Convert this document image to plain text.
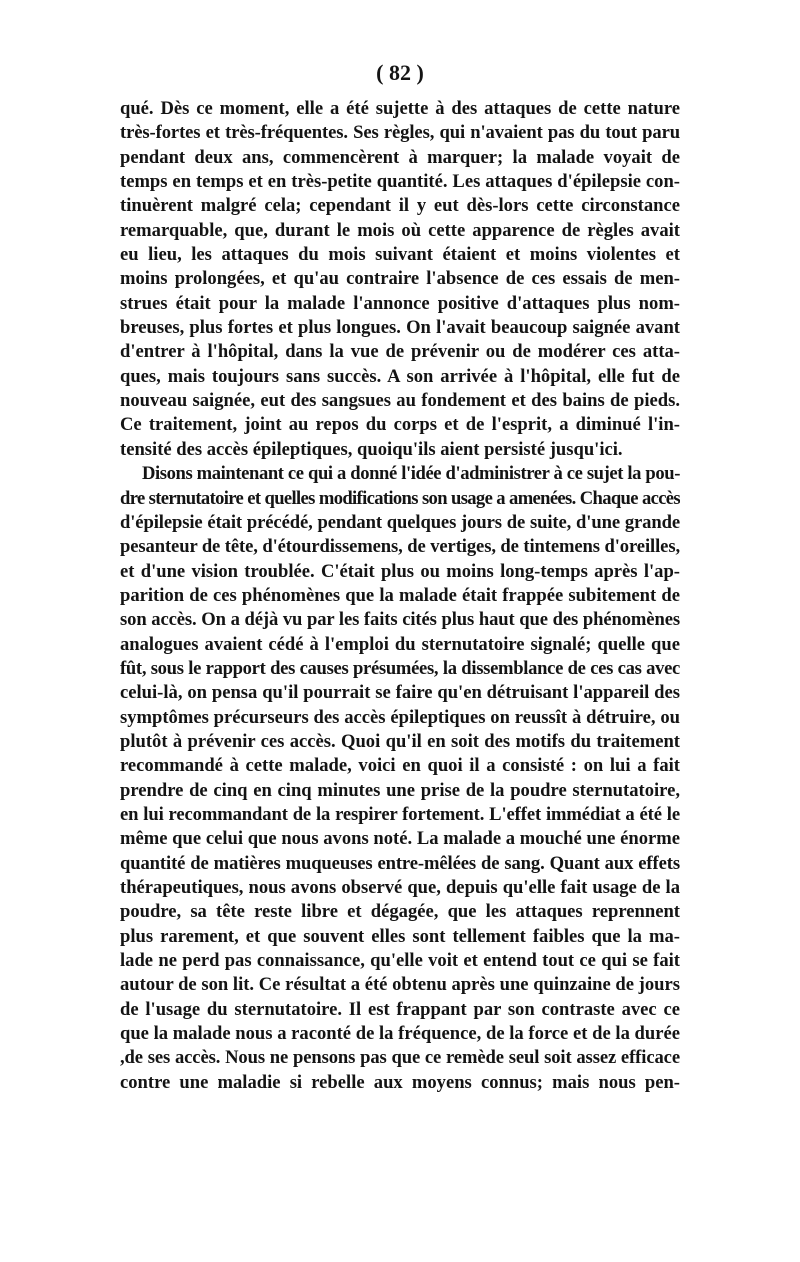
( 82 )
qué. Dès ce moment, elle a été sujette à des attaques de cette nature
très-fortes et très-fréquentes. Ses règles, qui n'avaient pas du tout paru
pendant deux ans, commencèrent à marquer; la malade voyait de
temps en temps et en très-petite quantité. Les attaques d'épilepsie con-
tinuèrent malgré cela; cependant il y eut dès-lors cette circonstance
remarquable, que, durant le mois où cette apparence de règles avait
eu lieu, les attaques du mois suivant étaient et moins violentes et
moins prolongées, et qu'au contraire l'absence de ces essais de men-
strues était pour la malade l'annonce positive d'attaques plus nom-
breuses, plus fortes et plus longues. On l'avait beaucoup saignée avant
d'entrer à l'hôpital, dans la vue de prévenir ou de modérer ces atta-
ques, mais toujours sans succès. A son arrivée à l'hôpital, elle fut de
nouveau saignée, eut des sangsues au fondement et des bains de pieds.
Ce traitement, joint au repos du corps et de l'esprit, a diminué l'in-
tensité des accès épileptiques, quoiqu'ils aient persisté jusqu'ici.
Disons maintenant ce qui a donné l'idée d'administrer à ce sujet la pou-
dre sternutatoire et quelles modifications son usage a amenées. Chaque accès
d'épilepsie était précédé, pendant quelques jours de suite, d'une grande
pesanteur de tête, d'étourdissemens, de vertiges, de tintemens d'oreilles,
et d'une vision troublée. C'était plus ou moins long-temps après l'ap-
parition de ces phénomènes que la malade était frappée subitement de
son accès. On a déjà vu par les faits cités plus haut que des phénomènes
analogues avaient cédé à l'emploi du sternutatoire signalé; quelle que
fût, sous le rapport des causes présumées, la dissemblance de ces cas avec
celui-là, on pensa qu'il pourrait se faire qu'en détruisant l'appareil des
symptômes précurseurs des accès épileptiques on reussît à détruire, ou
plutôt à prévenir ces accès. Quoi qu'il en soit des motifs du traitement
recommandé à cette malade, voici en quoi il a consisté : on lui a fait
prendre de cinq en cinq minutes une prise de la poudre sternutatoire,
en lui recommandant de la respirer fortement. L'effet immédiat a été le
même que celui que nous avons noté. La malade a mouché une énorme
quantité de matières muqueuses entre-mêlées de sang. Quant aux effets
thérapeutiques, nous avons observé que, depuis qu'elle fait usage de la
poudre, sa tête reste libre et dégagée, que les attaques reprennent
plus rarement, et que souvent elles sont tellement faibles que la ma-
lade ne perd pas connaissance, qu'elle voit et entend tout ce qui se fait
autour de son lit. Ce résultat a été obtenu après une quinzaine de jours
de l'usage du sternutatoire. Il est frappant par son contraste avec ce
que la malade nous a raconté de la fréquence, de la force et de la durée
,de ses accès. Nous ne pensons pas que ce remède seul soit assez efficace
contre une maladie si rebelle aux moyens connus; mais nous pen-
